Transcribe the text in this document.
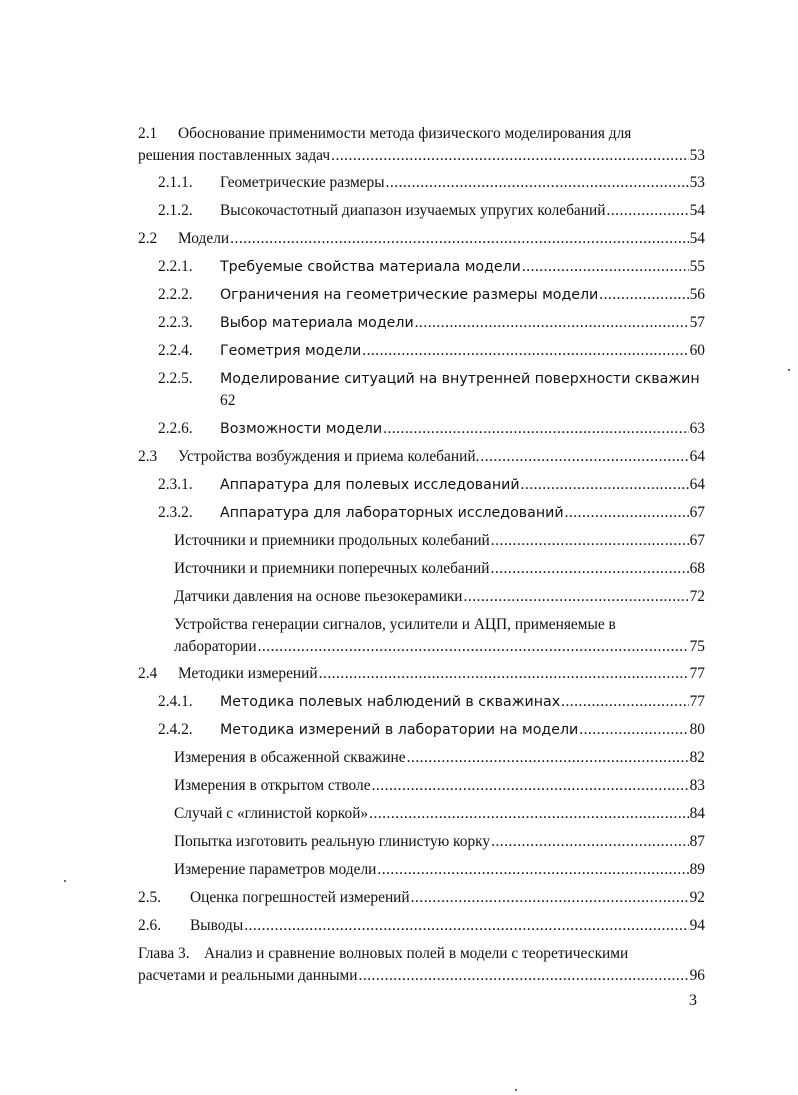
2.1 Обоснование применимости метода физического моделирования для
решения поставленных задач .....	53
2.1.1.	Геометрические размеры .....	53
2.1.2.	Высокочастотный диапазон изучаемых упругих колебаний .....	54
2.2	Модели .....	54
2.2.1.	Требуемые свойства материала модели .....	55
2.2.2.	Ограничения на геометрические размеры модели .....	56
2.2.3.	Выбор материала модели .....	57
2.2.4.	Геометрия модели .....	60
2.2.5. Моделирование ситуаций на внутренней поверхности скважин
62
2.2.6.	Возможности модели .....	63
2.3	Устройства возбуждения и приема колебаний. .....	64
2.3.1.	Аппаратура для полевых исследований .....	64
2.3.2.	Аппаратура для лабораторных исследований .....	67
Источники и приемники продольных колебаний .....	67
Источники и приемники поперечных колебаний .....	68
Датчики давления на основе пьезокерамики .....	72
Устройства генерации сигналов, усилители и АЦП, применяемые в
лаборатории .....	75
2.4	Методики измерений .....	77
2.4.1.	Методика полевых наблюдений в скважинах .....	77
2.4.2.	Методика измерений в лаборатории на модели .....	80
Измерения в обсаженной скважине .....	82
Измерения в открытом стволе .....	83
Случай с «глинистой коркой» .....	84
Попытка изготовить реальную глинистую корку .....	87
Измерение параметров модели .....	89
2.5.	Оценка погрешностей измерений .....	92
2.6.	Выводы .....	94
Глава 3. Анализ и сравнение волновых полей в модели с теоретическими
расчетами и реальными данными .....	96
3
